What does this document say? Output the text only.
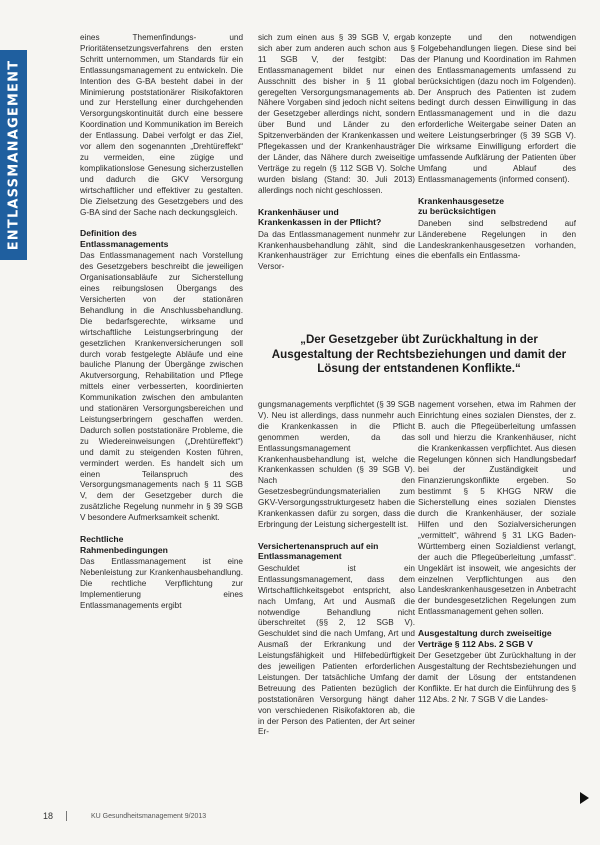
ENTLASSMANAGEMENT

eines Themenfindungs- und Prioritätensetzungsverfahrens den ersten Schritt unternommen, um Standards für ein Entlassungsmanagement zu entwickeln. Die Intention des G-BA besteht dabei in der Minimierung poststationärer Risikofaktoren und zur Herstellung einer durchgehenden Versorgungskontinuität durch eine bessere Koordination und Kommunikation im Bereich der Entlassung. Dabei verfolgt er das Ziel, vor allem den sogenannten „Drehtüreffekt“ zu vermeiden, eine zügige und komplikationslose Genesung sicherzustellen und dadurch die GKV Versorgung wirtschaftlicher und effektiver zu gestalten. Die Zielsetzung des Gesetzgebers und des G-BA sind der Sache nach deckungsgleich.

Definition des
Entlassmanagements

Das Entlassmanagement nach Vorstellung des Gesetzgebers beschreibt die jeweiligen Organisationsabläufe zur Sicherstellung eines reibungslosen Übergangs des Versicherten von der stationären Behandlung in die Anschlussbehandlung. Die bedarfsgerechte, wirksame und wirtschaftliche Leistungserbringung der gesetzlichen Krankenversicherungen soll durch vorab festgelegte Abläufe und eine bauliche Planung der Übergänge zwischen Akutversorgung, Rehabilitation und Pflege mittels einer verbesserten, koordinierten Kommunikation zwischen den ambulanten und stationären Versorgungsbereichen und Leistungserbringern geschaffen werden. Dadurch sollen poststationäre Probleme, die zu Wiedereinweisungen („Drehtüreffekt“) und damit zu steigenden Kosten führen, vermindert werden. Es handelt sich um einen Teilanspruch des Versorgungsmanagements nach § 11 SGB V, dem der Gesetzgeber durch die zusätzliche Regelung nunmehr in § 39 SGB V besondere Aufmerksamkeit schenkt.

Rechtliche
Rahmenbedingungen

Das Entlassmanagement ist eine Nebenleistung zur Krankenhausbehandlung. Die rechtliche Verpflichtung zur Implementierung eines Entlassmanagements ergibt

sich zum einen aus § 39 SGB V, ergab sich aber zum anderen auch schon aus § 11 SGB V, der festgibt: Das Entlassmanagement bildet nur einen Ausschnitt des bisher in § 11 global geregelten Versorgungsmanagements ab. Nähere Vorgaben sind jedoch nicht seitens der Gesetzgeber allerdings nicht, sondern über Bund und Länder zu den Spitzenverbänden der Krankenkassen und Pflegekassen und der Krankenhausträger der Länder, das Nähere durch zweiseitige Verträge zu regeln (§ 112 SGB V). Solche wurden bislang (Stand: 30. Juli 2013) allerdings noch nicht geschlossen.

Krankenhäuser und
Krankenkassen in der Pflicht?

Da das Entlassmanagement nunmehr zur Krankenhausbehandlung zählt, sind die Krankenhausträger zur Errichtung eines Versor-

konzepte und den notwendigen Folgebehandlungen liegen. Diese sind bei der Planung und Koordination im Rahmen des Entlassmanagements umfassend zu berücksichtigen (dazu noch im Folgenden). Der Anspruch des Patienten ist zudem bedingt durch dessen Einwilligung in das Entlassmanagement und in die dazu erforderliche Weitergabe seiner Daten an weitere Leistungserbringer (§ 39 SGB V). Die wirksame Einwilligung erfordert die umfassende Aufklärung der Patienten über Umfang und Ablauf des Entlassmanagements (informed consent).

Krankenhausgesetze
zu berücksichtigen

Daneben sind selbstredend auf Länderebene Regelungen in den Landeskrankenhausgesetzen vorhanden, die ebenfalls ein Entlassma-

„Der Gesetzgeber übt Zurückhaltung in der
Ausgestaltung der Rechtsbeziehungen und damit der
Lösung der entstandenen Konflikte.“

gungsmanagements verpflichtet (§ 39 SGB V). Neu ist allerdings, dass nunmehr auch die Krankenkassen in die Pflicht genommen werden, da das Entlassungsmanagement Krankenhausbehandlung ist, welche die Krankenkassen schulden (§ 39 SGB V). Nach den Gesetzesbegründungsmaterialien zum GKV-Versorgungsstrukturgesetz haben die Krankenkassen dafür zu sorgen, dass die Erbringung der Leistung sichergestellt ist.

Versichertenanspruch auf ein
Entlassmanagement

Geschuldet ist ein Entlassungsmanagement, dass dem Wirtschaftlichkeitsgebot entspricht, also nach Umfang, Art und Ausmaß die notwendige Behandlung nicht überschreitet (§§ 2, 12 SGB V). Geschuldet sind die nach Umfang, Art und Ausmaß der Erkrankung und der Leistungsfähigkeit und Hilfebedürftigkeit des jeweiligen Patienten erforderlichen Leistungen. Der tatsächliche Umfang der Betreuung des Patienten bezüglich der poststationären Versorgung hängt daher von verschiedenen Risikofaktoren ab, die in der Person des Patienten, der Art seiner Er-

nagement vorsehen, etwa im Rahmen der Einrichtung eines sozialen Dienstes, der z. B. auch die Pflegeüberleitung umfassen soll und hierzu die Krankenhäuser, nicht die Krankenkassen verpflichtet. Aus diesen Regelungen können sich Handlungsbedarf bei der Zuständigkeit und Finanzierungskonflikte ergeben. So bestimmt § 5 KHGG NRW die Sicherstellung eines sozialen Dienstes durch die Krankenhäuser, der soziale Hilfen und den Sozialversicherungen „vermittelt“, während § 31 LKG Baden-Württemberg einen Sozialdienst verlangt, der auch die Pflegeüberleitung „umfasst“. Ungeklärt ist insoweit, wie angesichts der einzelnen Verpflichtungen aus den Landeskrankenhausgesetzen in Anbetracht der bundesgesetzlichen Regelungen zum Entlassmanagement gehen sollen.

Ausgestaltung durch zweiseitige
Verträge § 112 Abs. 2 SGB V

Der Gesetzgeber übt Zurückhaltung in der Ausgestaltung der Rechtsbeziehungen und damit der Lösung der entstandenen Konflikte. Er hat durch die Einführung des § 112 Abs. 2 Nr. 7 SGB V die Landes-

18	KU Gesundheitsmanagement 9/2013
